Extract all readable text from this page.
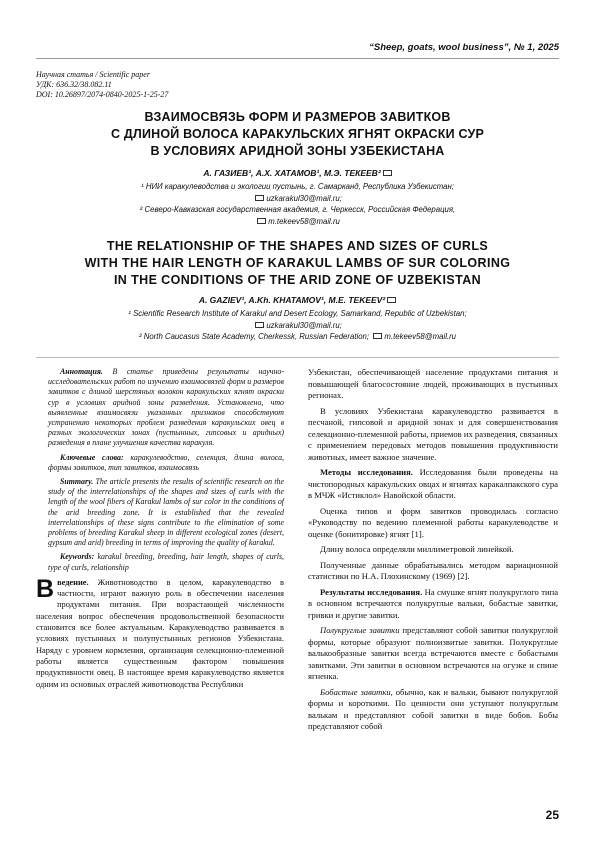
“Sheep, goats, wool business”, № 1, 2025
Научная статья / Scientific paper
УДК: 636.32/38.082.11
DOI: 10.26897/2074-0840-2025-1-25-27
ВЗАИМОСВЯЗЬ ФОРМ И РАЗМЕРОВ ЗАВИТКОВ
С ДЛИНОЙ ВОЛОСА КАРАКУЛЬСКИХ ЯГНЯТ ОКРАСКИ СУР
В УСЛОВИЯХ АРИДНОЙ ЗОНЫ УЗБЕКИСТАНА
А. ГАЗИЕВ¹, А.Х. ХАТАМОВ¹, М.Э. ТЕКЕЕВ²
¹ НИИ каракулеводства и экологии пустынь, г. Самарканд, Республика Узбекистан;
uzkarakul30@mail.ru;
² Северо-Кавказская государственная академия, г. Черкесск, Российская Федерация,
m.tekeev58@mail.ru
THE RELATIONSHIP OF THE SHAPES AND SIZES OF CURLS
WITH THE HAIR LENGTH OF KARAKUL LAMBS OF SUR COLORING
IN THE CONDITIONS OF THE ARID ZONE OF UZBEKISTAN
A. GAZIEV¹, A.Kh. KHATAMOV¹, M.E. TEKEEV²
¹ Scientific Research Institute of Karakul and Desert Ecology, Samarkand, Republic of Uzbekistan;
uzkarakul30@mail.ru;
² North Caucasus State Academy, Cherkessk, Russian Federation; m.tekeev58@mail.ru

Аннотация. В статье приведены результаты научно-исследовательских работ по изучению взаимосвязей форм и размеров завитков с длиной шерстяных волокон каракульских ягнят окраски сур в условиях аридной зоны разведения. Установлено, что выявленные взаимосвязи указанных признаков способствуют устранению некоторых проблем разведения каракульских овец в разных экологических зонах (пустынных, гипсовых и аридных) разведения в плане улучшения качества каракуля.

Ключевые слова: каракулеводство, селекция, длина волоса, формы завитков, тип завитков, взаимосвязь

Summary. The article presents the results of scientific research on the study of the interrelationships of the shapes and sizes of curls with the length of the wool fibers of Karakul lambs of sur color in the conditions of the arid breeding zone. It is established that the revealed interrelationships of these signs contribute to the elimination of some problems of breeding Karakul sheep in different ecological zones (desert, gypsum and arid) breeding in terms of improving the quality of karakul.

Keywords: karakul breeding, breeding, hair length, shapes of curls, type of curls, relationship

Введение. Животноводство в целом, каракулеводство в частности, играют важную роль в обеспечении населения продуктами питания. При возрастающей численности населения вопрос обеспечения продовольственной безопасности становится все более актуальным. Каракулеводство развивается в условиях пустынных и полупустынных регионов Узбекистана. Наряду с уровнем кормления, организация селекционно-племенной работы является существенным фактором повышения продуктивности овец. В настоящее время каракулеводство является одним из основных отраслей животноводства Республики

Узбекистан, обеспечивающей население продуктами питания и повышающей благосостояние людей, проживающих в пустынных регионах.

В условиях Узбекистана каракулеводство развивается в песчаной, гипсовой и аридной зонах и для совершенствования селекционно-племенной работы, приемов их разведения, связанных с применением передовых методов повышения продуктивности животных, имеет важное значение.

Методы исследования. Исследования были проведены на чистопородных каракульских овцах и ягнятах каракалпакского сура в МЧЖ «Истиклол» Навойской области.

Оценка типов и форм завитков проводилась согласно «Руководству по ведению племенной работы каракулеводстве и оценке (бонитировке) ягнят [1].

Длину волоса определяли миллиметровой линейкой.

Полученные данные обрабатывались методом вариационной статистики по Н.А. Плохинскому (1969) [2].

Результаты исследования. На смушке ягнят полукруглого типа в основном встречаются полукруглые вальки, бобастые завитки, гривки и другие завитки.

Полукруглые завитки представляют собой завитки полукруглой формы, которые образуют полноизвитые завитки. Полукруглые валькообразные завитки всегда встречаются вместе с бобастыми завитками. Эти завитки в основном встречаются на огузке и спине ягненка.

Бобастые завитки, обычно, как и вальки, бывают полукруглой формы и короткими. По ценности они уступают полукруглым валькам и представляют собой завитки в виде бобов. Бобы представляют собой

25
